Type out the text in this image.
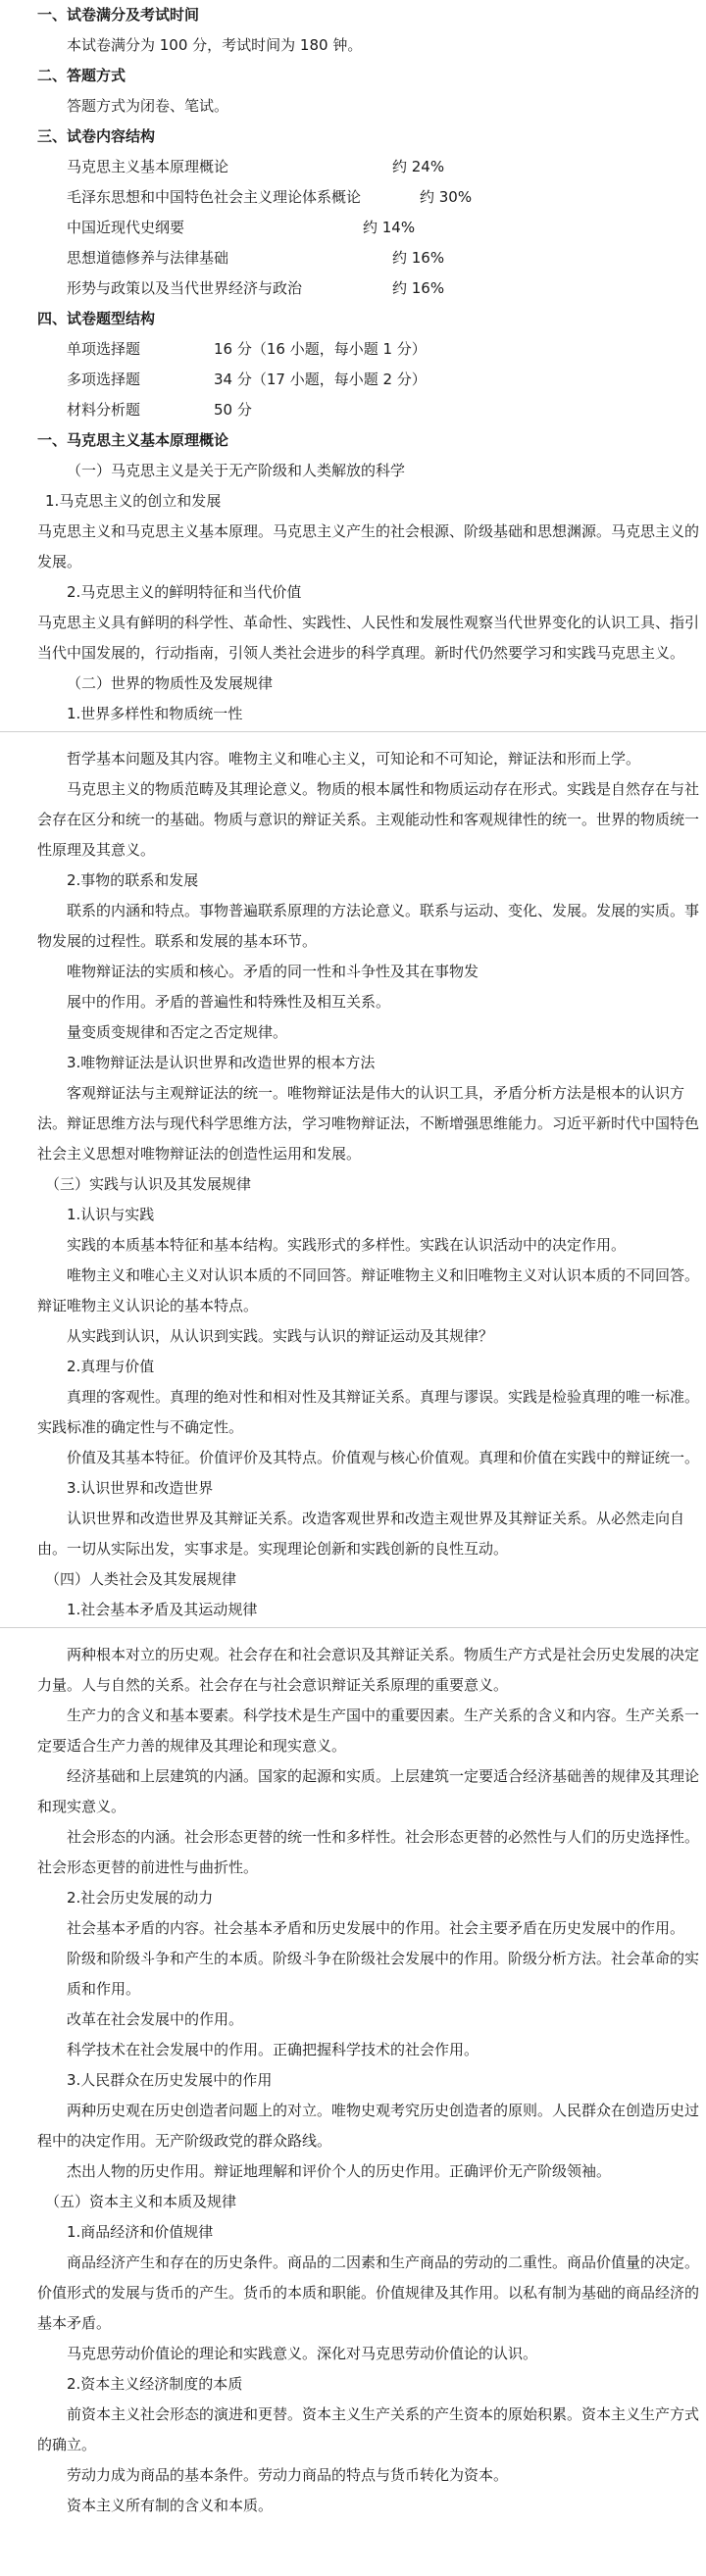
一、试卷满分及考试时间
本试卷满分为 100 分，考试时间为 180 钟。
二、答题方式
答题方式为闭卷、笔试。
三、试卷内容结构
马克思主义基本原理概论	约 24%
毛泽东思想和中国特色社会主义理论体系概论	约 30%
中国近现代史纲要	约 14%
思想道德修养与法律基础	约 16%
形势与政策以及当代世界经济与政治	约 16%
四、试卷题型结构
单项选择题	16 分（16 小题，每小题 1 分）
多项选择题	34 分（17 小题，每小题 2 分）
材料分析题	50 分
一、马克思主义基本原理概论
（一）马克思主义是关于无产阶级和人类解放的科学
1.马克思主义的创立和发展
马克思主义和马克思主义基本原理。马克思主义产生的社会根源、阶级基础和思想渊源。马克思主义的发展。
2.马克思主义的鲜明特征和当代价值
马克思主义具有鲜明的科学性、革命性、实践性、人民性和发展性观察当代世界变化的认识工具、指引当代中国发展的，行动指南，引领人类社会进步的科学真理。新时代仍然要学习和实践马克思主义。
（二）世界的物质性及发展规律
1.世界多样性和物质统一性
哲学基本问题及其内容。唯物主义和唯心主义，可知论和不可知论，辩证法和形而上学。
马克思主义的物质范畴及其理论意义。物质的根本属性和物质运动存在形式。实践是自然存在与社会存在区分和统一的基础。物质与意识的辩证关系。主观能动性和客观规律性的统一。世界的物质统一性原理及其意义。
2.事物的联系和发展
联系的内涵和特点。事物普遍联系原理的方法论意义。联系与运动、变化、发展。发展的实质。事物发展的过程性。联系和发展的基本环节。
唯物辩证法的实质和核心。矛盾的同一性和斗争性及其在事物发
展中的作用。矛盾的普遍性和特殊性及相互关系。
量变质变规律和否定之否定规律。
3.唯物辩证法是认识世界和改造世界的根本方法
客观辩证法与主观辩证法的统一。唯物辩证法是伟大的认识工具，矛盾分析方法是根本的认识方法。辩证思维方法与现代科学思维方法，学习唯物辩证法，不断增强思维能力。习近平新时代中国特色社会主义思想对唯物辩证法的创造性运用和发展。
（三）实践与认识及其发展规律
1.认识与实践
实践的本质基本特征和基本结构。实践形式的多样性。实践在认识活动中的决定作用。
唯物主义和唯心主义对认识本质的不同回答。辩证唯物主义和旧唯物主义对认识本质的不同回答。辩证唯物主义认识论的基本特点。
从实践到认识，从认识到实践。实践与认识的辩证运动及其规律？
2.真理与价值
真理的客观性。真理的绝对性和相对性及其辩证关系。真理与谬误。实践是检验真理的唯一标准。实践标准的确定性与不确定性。
价值及其基本特征。价值评价及其特点。价值观与核心价值观。真理和价值在实践中的辩证统一。
3.认识世界和改造世界
认识世界和改造世界及其辩证关系。改造客观世界和改造主观世界及其辩证关系。从必然走向自由。一切从实际出发，实事求是。实现理论创新和实践创新的良性互动。
（四）人类社会及其发展规律
1.社会基本矛盾及其运动规律
两种根本对立的历史观。社会存在和社会意识及其辩证关系。物质生产方式是社会历史发展的决定力量。人与自然的关系。社会存在与社会意识辩证关系原理的重要意义。
生产力的含义和基本要素。科学技术是生产国中的重要因素。生产关系的含义和内容。生产关系一定要适合生产力善的规律及其理论和现实意义。
经济基础和上层建筑的内涵。国家的起源和实质。上层建筑一定要适合经济基础善的规律及其理论和现实意义。
社会形态的内涵。社会形态更替的统一性和多样性。社会形态更替的必然性与人们的历史选择性。社会形态更替的前进性与曲折性。
2.社会历史发展的动力
社会基本矛盾的内容。社会基本矛盾和历史发展中的作用。社会主要矛盾在历史发展中的作用。
阶级和阶级斗争和产生的本质。阶级斗争在阶级社会发展中的作用。阶级分析方法。社会革命的实质和作用。
改革在社会发展中的作用。
科学技术在社会发展中的作用。正确把握科学技术的社会作用。
3.人民群众在历史发展中的作用
两种历史观在历史创造者问题上的对立。唯物史观考究历史创造者的原则。人民群众在创造历史过程中的决定作用。无产阶级政党的群众路线。
杰出人物的历史作用。辩证地理解和评价个人的历史作用。正确评价无产阶级领袖。
（五）资本主义和本质及规律
1.商品经济和价值规律
商品经济产生和存在的历史条件。商品的二因素和生产商品的劳动的二重性。商品价值量的决定。价值形式的发展与货币的产生。货币的本质和职能。价值规律及其作用。以私有制为基础的商品经济的基本矛盾。
马克思劳动价值论的理论和实践意义。深化对马克思劳动价值论的认识。
2.资本主义经济制度的本质
前资本主义社会形态的演进和更替。资本主义生产关系的产生资本的原始积累。资本主义生产方式的确立。
劳动力成为商品的基本条件。劳动力商品的特点与货币转化为资本。
资本主义所有制的含义和本质。
